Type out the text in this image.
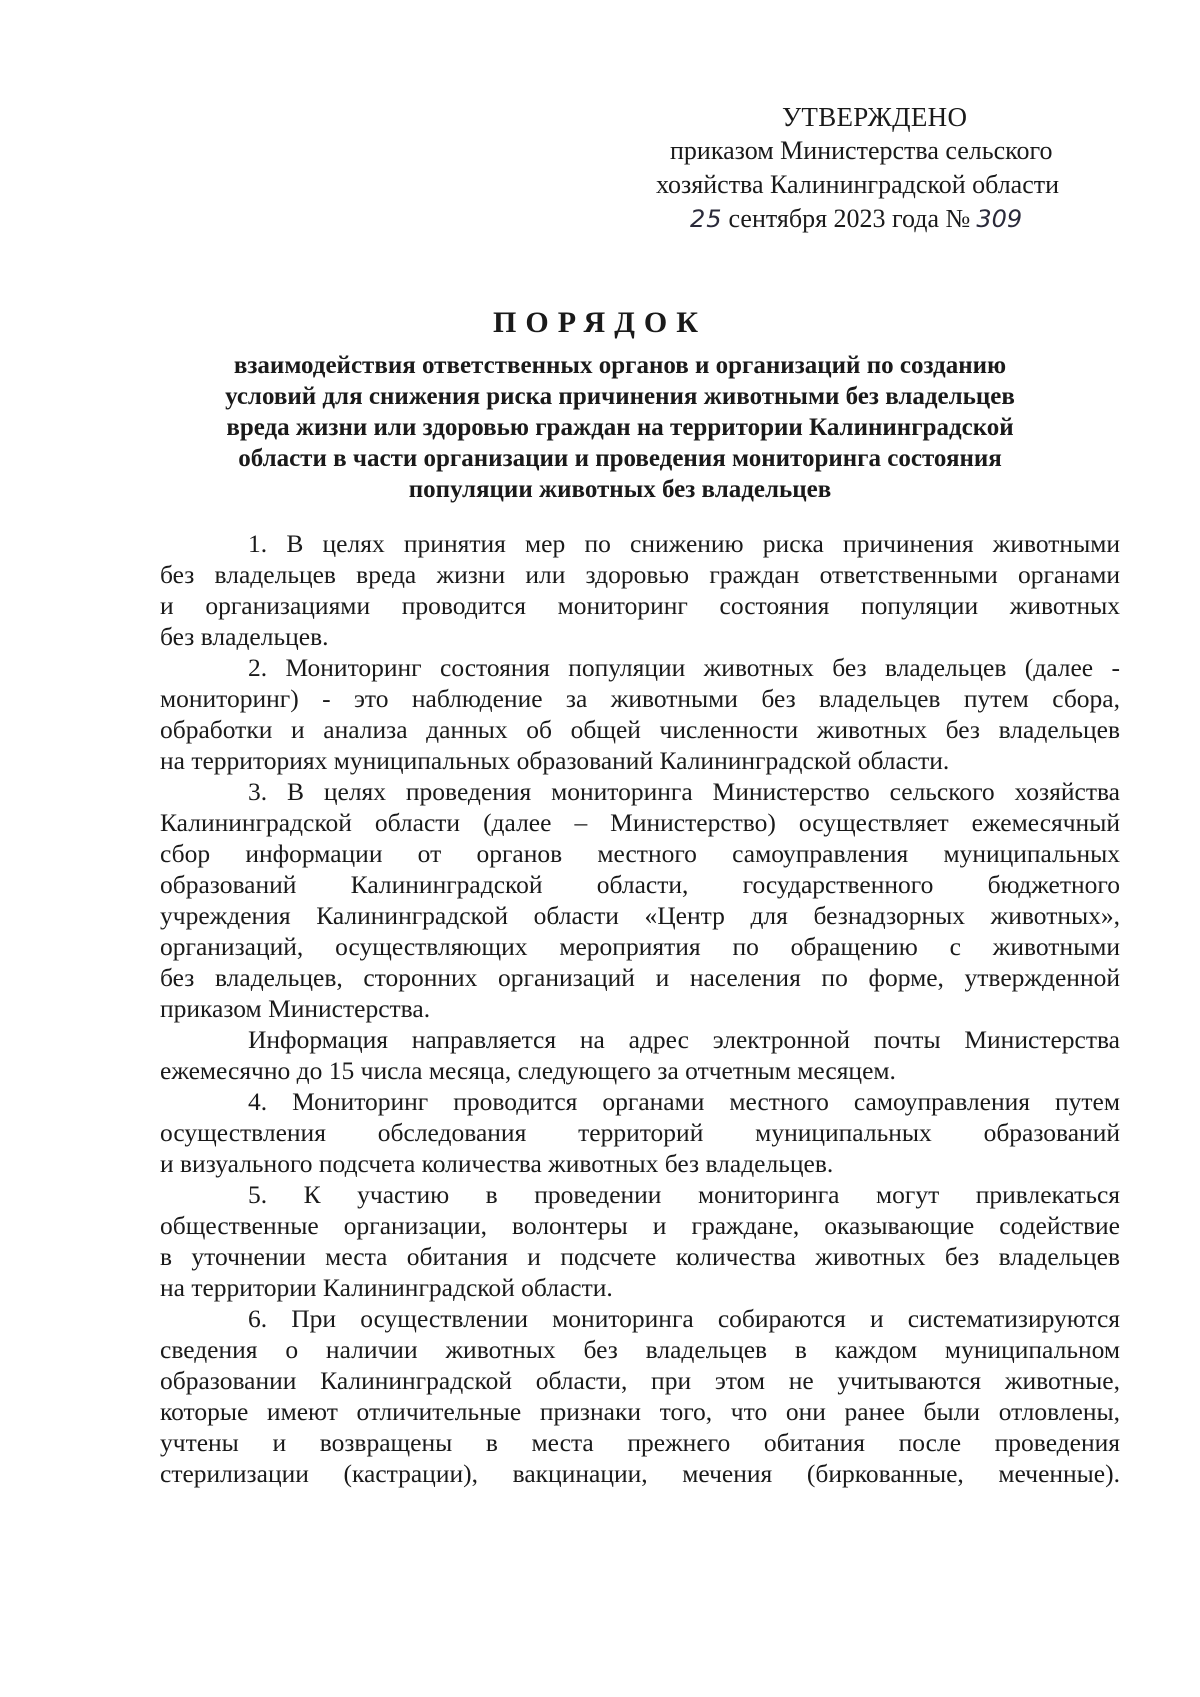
УТВЕРЖДЕНО
приказом Министерства сельского
хозяйства Калининградской области
25 сентября 2023 года № 309
ПОРЯДОК
взаимодействия ответственных органов и организаций по созданию
условий для снижения риска причинения животными без владельцев
вреда жизни или здоровью граждан на территории Калининградской
области в части организации и проведения мониторинга состояния
популяции животных без владельцев
1. В целях принятия мер по снижению риска причинения животными
без владельцев вреда жизни или здоровью граждан ответственными органами
и организациями проводится мониторинг состояния популяции животных
без владельцев.
2. Мониторинг состояния популяции животных без владельцев (далее -
мониторинг) - это наблюдение за животными без владельцев путем сбора,
обработки и анализа данных об общей численности животных без владельцев
на территориях муниципальных образований Калининградской области.
3. В целях проведения мониторинга Министерство сельского хозяйства
Калининградской области (далее – Министерство) осуществляет ежемесячный
сбор информации от органов местного самоуправления муниципальных
образований Калининградской области, государственного бюджетного
учреждения Калининградской области «Центр для безнадзорных животных»,
организаций, осуществляющих мероприятия по обращению с животными
без владельцев, сторонних организаций и населения по форме, утвержденной
приказом Министерства.
Информация направляется на адрес электронной почты Министерства
ежемесячно до 15 числа месяца, следующего за отчетным месяцем.
4. Мониторинг проводится органами местного самоуправления путем
осуществления обследования территорий муниципальных образований
и визуального подсчета количества животных без владельцев.
5. К участию в проведении мониторинга могут привлекаться
общественные организации, волонтеры и граждане, оказывающие содействие
в уточнении места обитания и подсчете количества животных без владельцев
на территории Калининградской области.
6. При осуществлении мониторинга собираются и систематизируются
сведения о наличии животных без владельцев в каждом муниципальном
образовании Калининградской области, при этом не учитываются животные,
которые имеют отличительные признаки того, что они ранее были отловлены,
учтены и возвращены в места прежнего обитания после проведения
стерилизации (кастрации), вакцинации, мечения (биркованные, меченные).
